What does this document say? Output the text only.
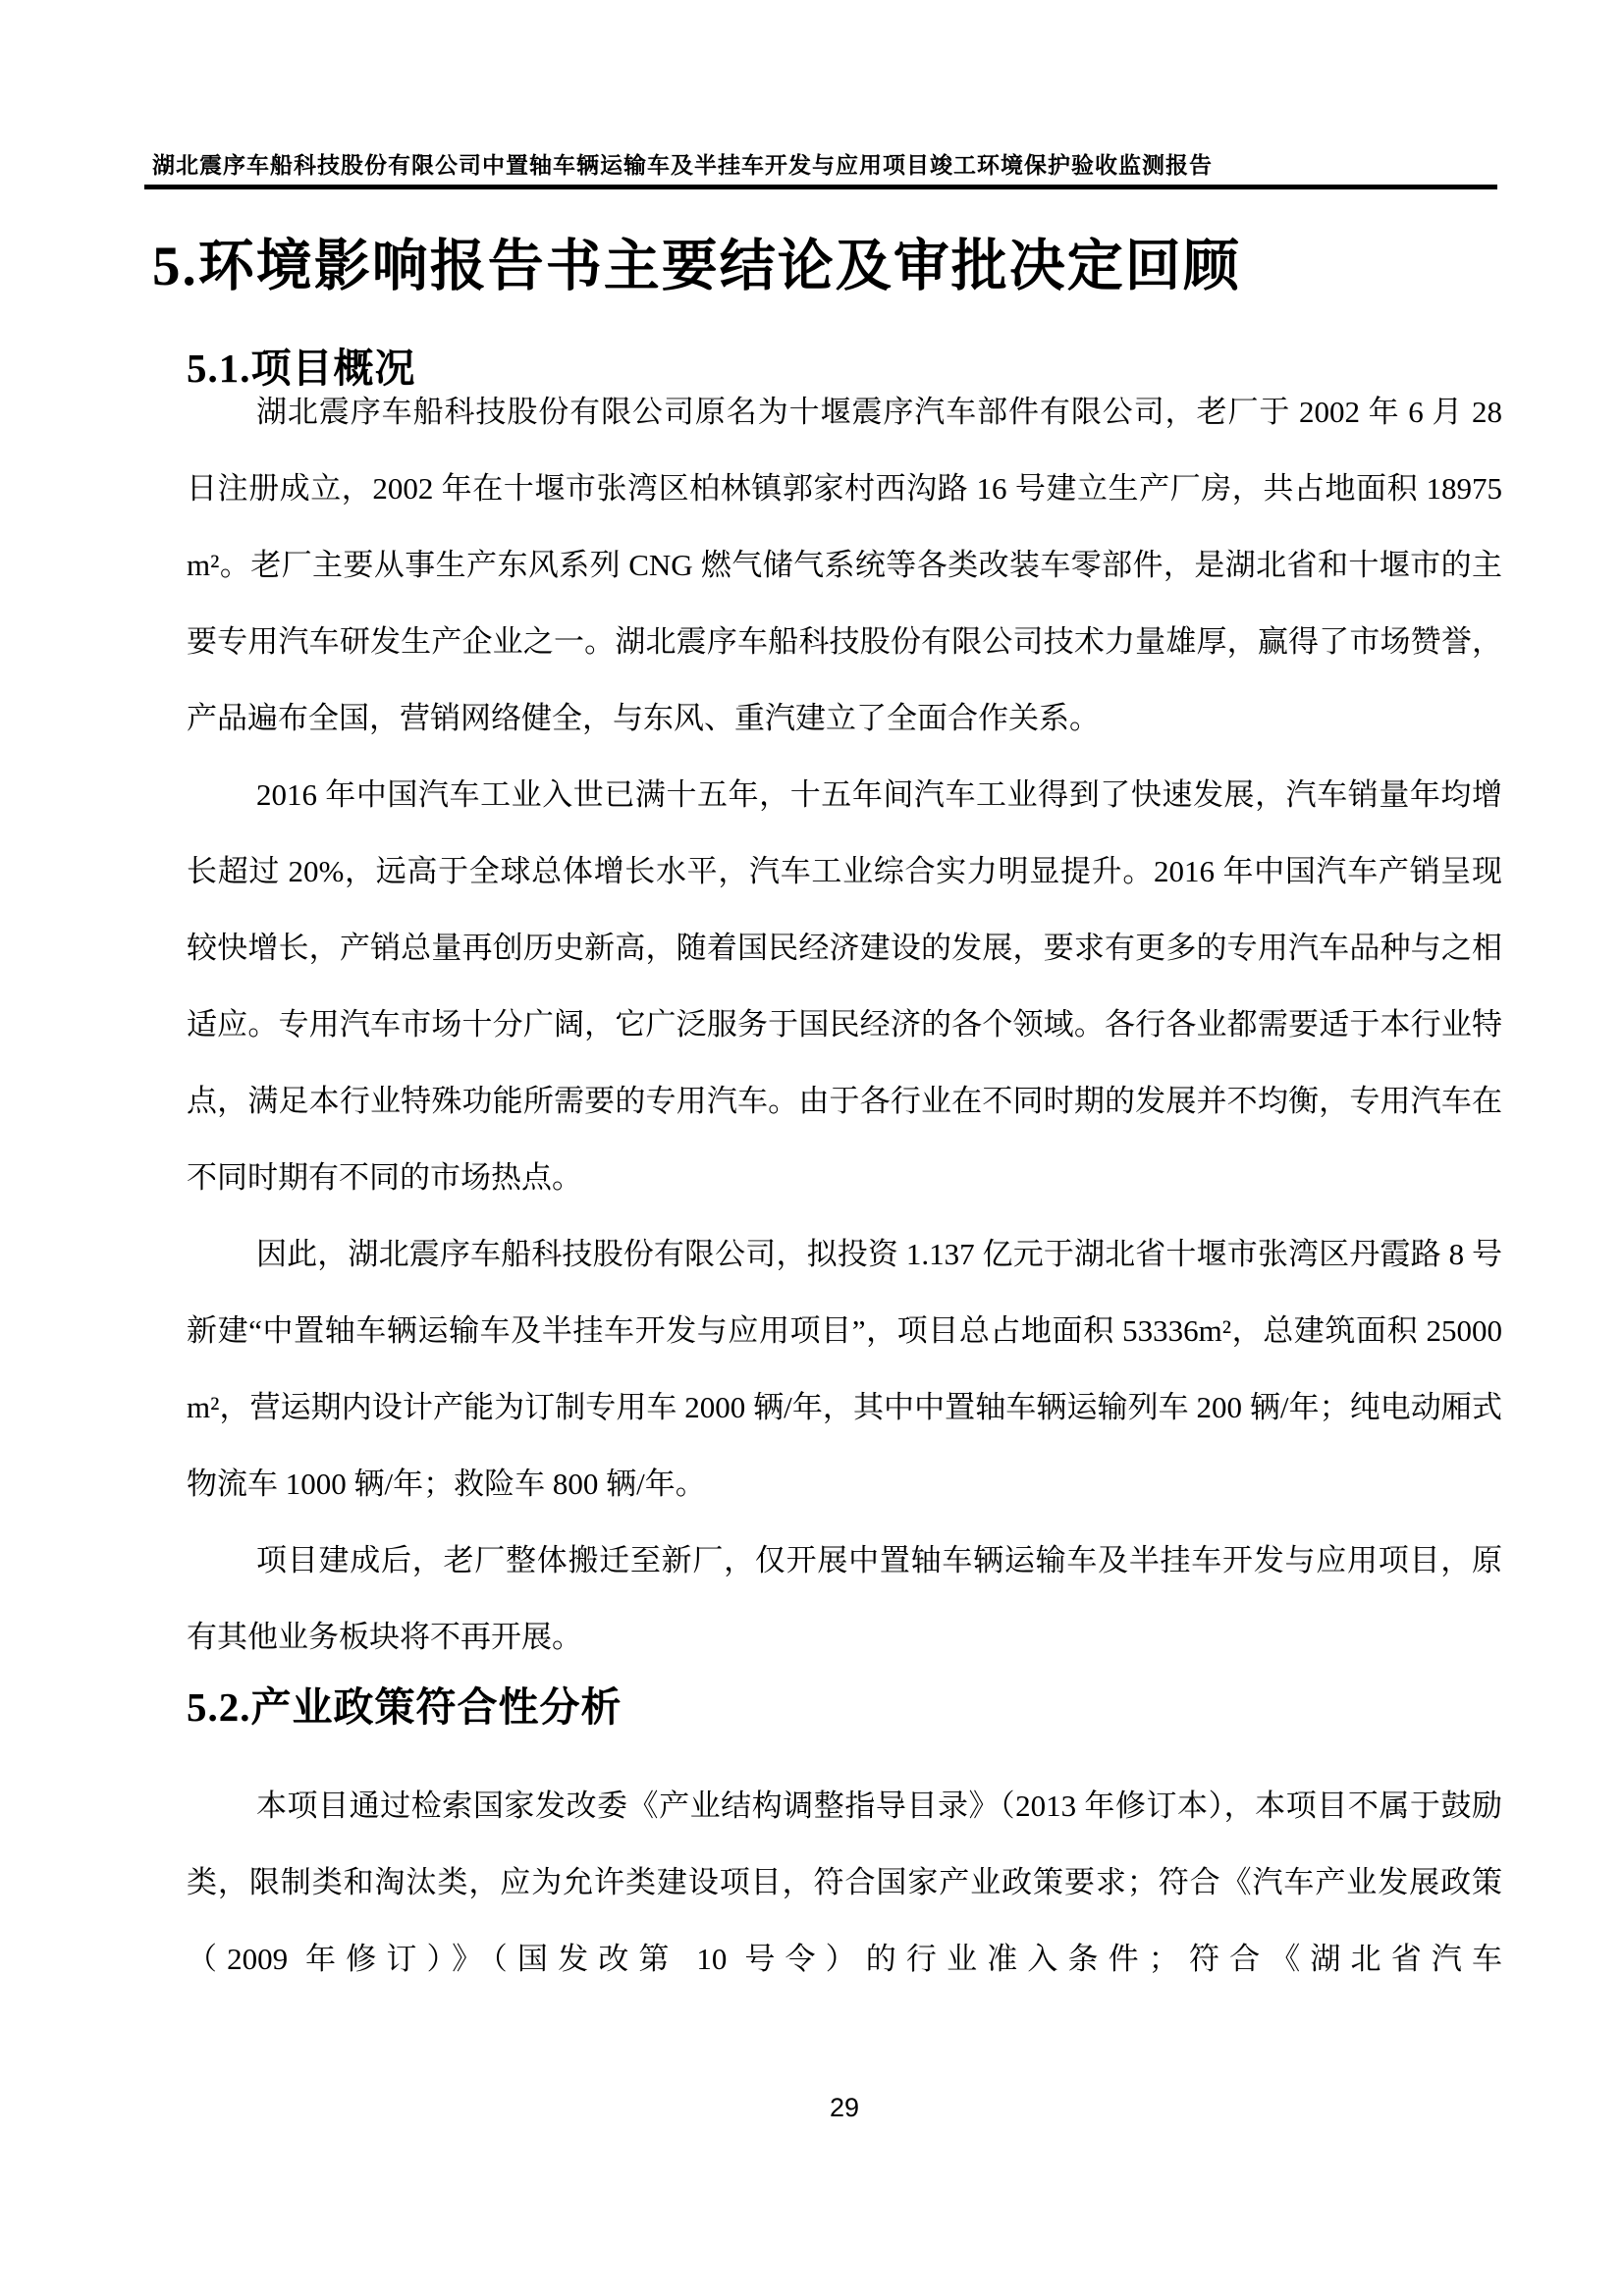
湖北震序车船科技股份有限公司中置轴车辆运输车及半挂车开发与应用项目竣工环境保护验收监测报告
5.环境影响报告书主要结论及审批决定回顾
5.1.项目概况

湖北震序车船科技股份有限公司原名为十堰震序汽车部件有限公司，老厂于 2002 年 6 月 28 日注册成立，2002 年在十堰市张湾区柏林镇郭家村西沟路 16 号建立生产厂房，共占地面积 18975m²。老厂主要从事生产东风系列 CNG 燃气储气系统等各类改装车零部件，是湖北省和十堰市的主要专用汽车研发生产企业之一。湖北震序车船科技股份有限公司技术力量雄厚，赢得了市场赞誉，产品遍布全国，营销网络健全，与东风、重汽建立了全面合作关系。

2016 年中国汽车工业入世已满十五年，十五年间汽车工业得到了快速发展，汽车销量年均增长超过 20%，远高于全球总体增长水平，汽车工业综合实力明显提升。2016 年中国汽车产销呈现较快增长，产销总量再创历史新高，随着国民经济建设的发展，要求有更多的专用汽车品种与之相适应。专用汽车市场十分广阔，它广泛服务于国民经济的各个领域。各行各业都需要适于本行业特点，满足本行业特殊功能所需要的专用汽车。由于各行业在不同时期的发展并不均衡，专用汽车在不同时期有不同的市场热点。

因此，湖北震序车船科技股份有限公司，拟投资 1.137 亿元于湖北省十堰市张湾区丹霞路 8 号新建“中置轴车辆运输车及半挂车开发与应用项目”，项目总占地面积 53336m²，总建筑面积 25000m²，营运期内设计产能为订制专用车 2000 辆/年，其中中置轴车辆运输列车 200 辆/年；纯电动厢式物流车 1000 辆/年；救险车 800 辆/年。

项目建成后，老厂整体搬迁至新厂，仅开展中置轴车辆运输车及半挂车开发与应用项目，原有其他业务板块将不再开展。

5.2.产业政策符合性分析

本项目通过检索国家发改委《产业结构调整指导目录》（2013 年修订本），本项目不属于鼓励类，限制类和淘汰类，应为允许类建设项目，符合国家产业政策要求；符合《汽车产业发展政策（2009 年修订）》（国发改第 10 号令）的行业准入条件；符合《湖北省汽车

29
